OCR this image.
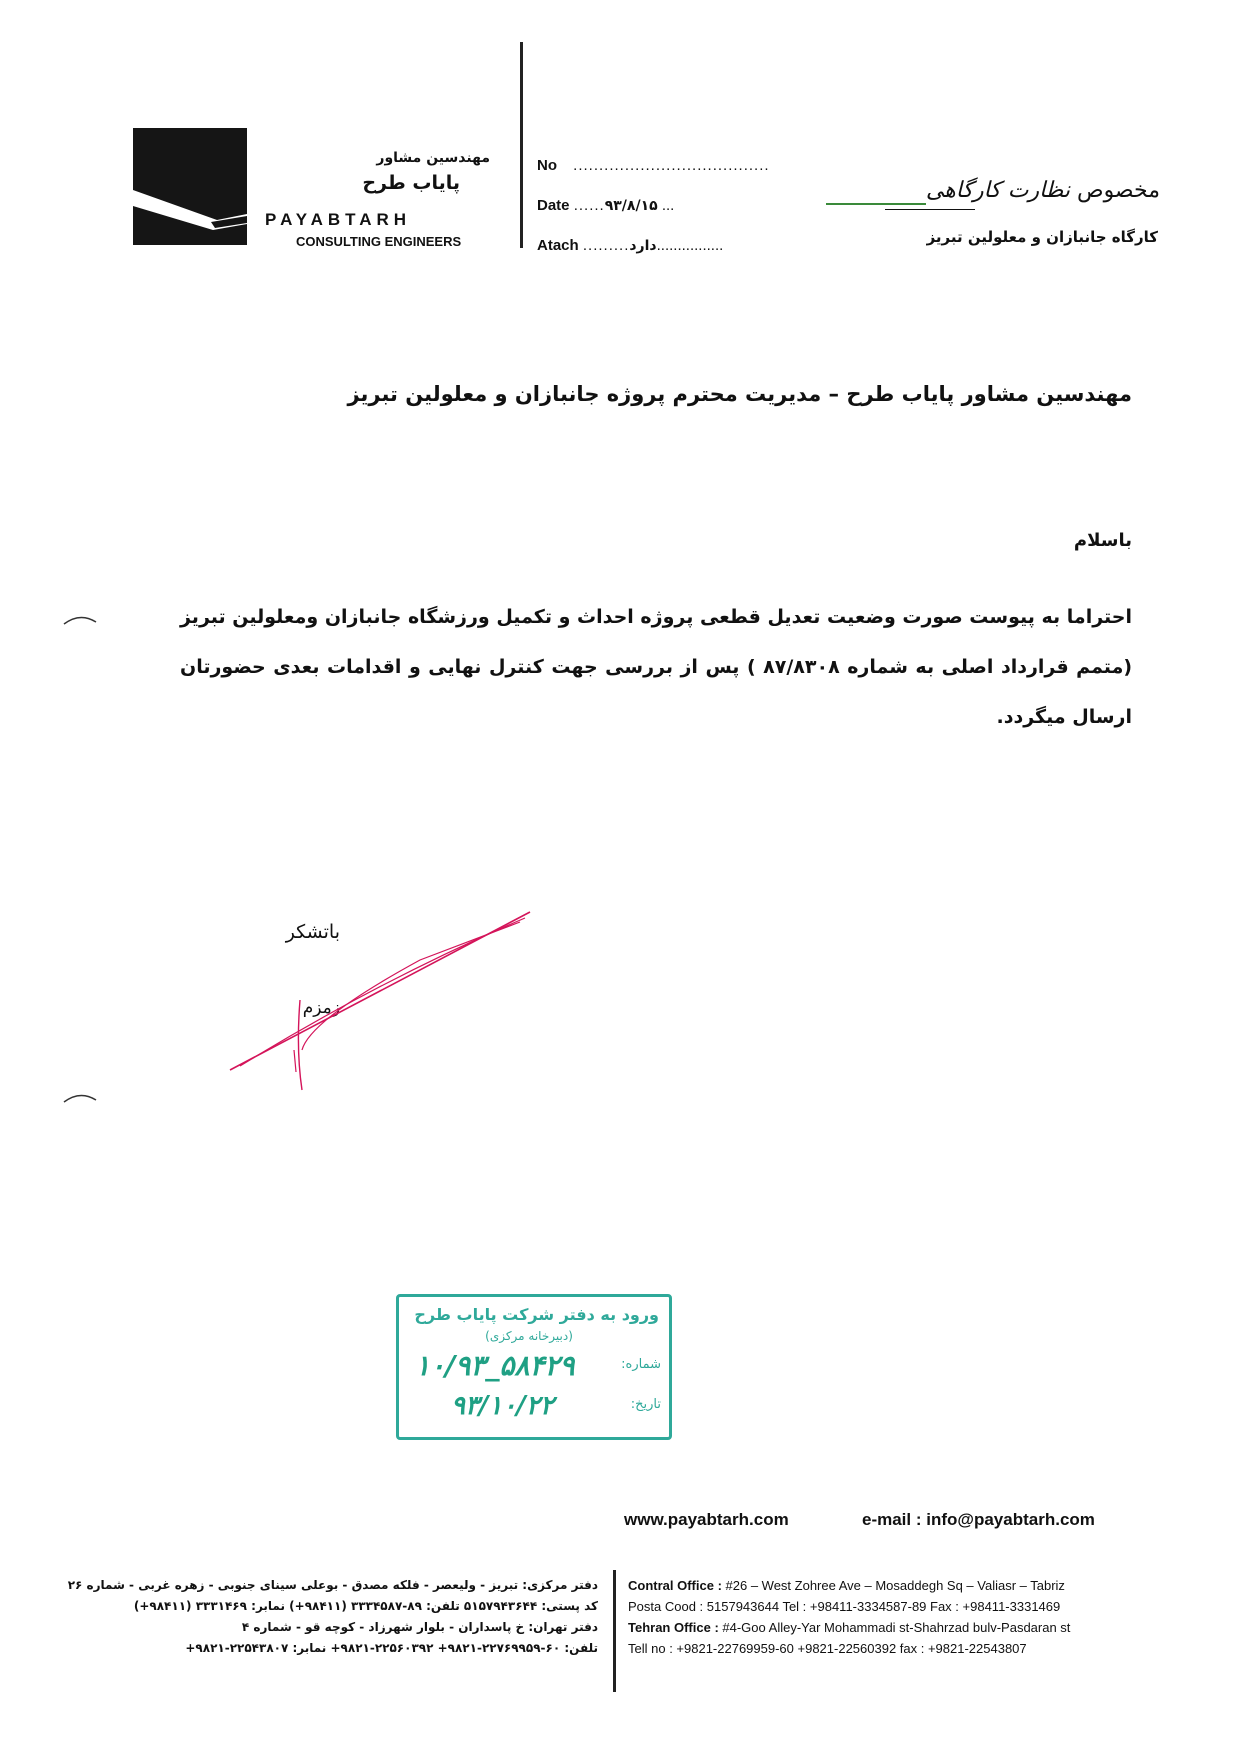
مهندسین مشاور
پایاب طرح
PAYABTARH
CONSULTING ENGINEERS
No ......................................
Date ......۹۳/۸/۱۵ ...
Atach .........دارد................
مخصوص نظارت کارگاهی
کارگاه جانبازان و معلولین تبریز
مهندسین مشاور پایاب طرح – مدیریت محترم پروژه جانبازان و معلولین تبریز
باسلام
احتراما به پیوست صورت وضعیت تعدیل قطعی پروژه احداث و تکمیل ورزشگاه جانبازان ومعلولین تبریز (متمم قرارداد اصلی به شماره ۸۷/۸۳۰۸ ) پس از بررسی جهت کنترل نهایی و اقدامات بعدی حضورتان ارسال میگردد.
باتشکر
زمزم
ورود به دفتر شرکت پایاب طرح
(دبیرخانه مرکزی)
شماره:
تاریخ:
۱۰/۹۳_۵۸۴۲۹
۹۳/۱۰/۲۲
www.payabtarh.com	e-mail : info@payabtarh.com
دفتر مرکزی: تبریز - ولیعصر - فلکه مصدق - بوعلی سینای جنوبی - زهره غربی - شماره ۲۶
کد پستی: ۵۱۵۷۹۴۳۶۴۴ تلفن: ۸۹-۳۳۳۴۵۸۷ (۹۸۴۱۱+) نمابر: ۳۳۳۱۴۶۹ (۹۸۴۱۱+)
دفتر تهران: خ پاسداران - بلوار شهرزاد - کوچه قو - شماره ۴
تلفن: ۶۰-۲۲۷۶۹۹۵۹-۹۸۲۱+ ۲۲۵۶۰۳۹۲-۹۸۲۱+ نمابر: ۲۲۵۴۳۸۰۷-۹۸۲۱+
Contral Office : #26 – West Zohree Ave – Mosaddegh Sq – Valiasr – Tabriz
Posta Cood : 5157943644 Tel : +98411-3334587-89 Fax : +98411-3331469
Tehran Office : #4-Goo Alley-Yar Mohammadi st-Shahrzad bulv-Pasdaran st
Tell no : +9821-22769959-60 +9821-22560392 fax : +9821-22543807
